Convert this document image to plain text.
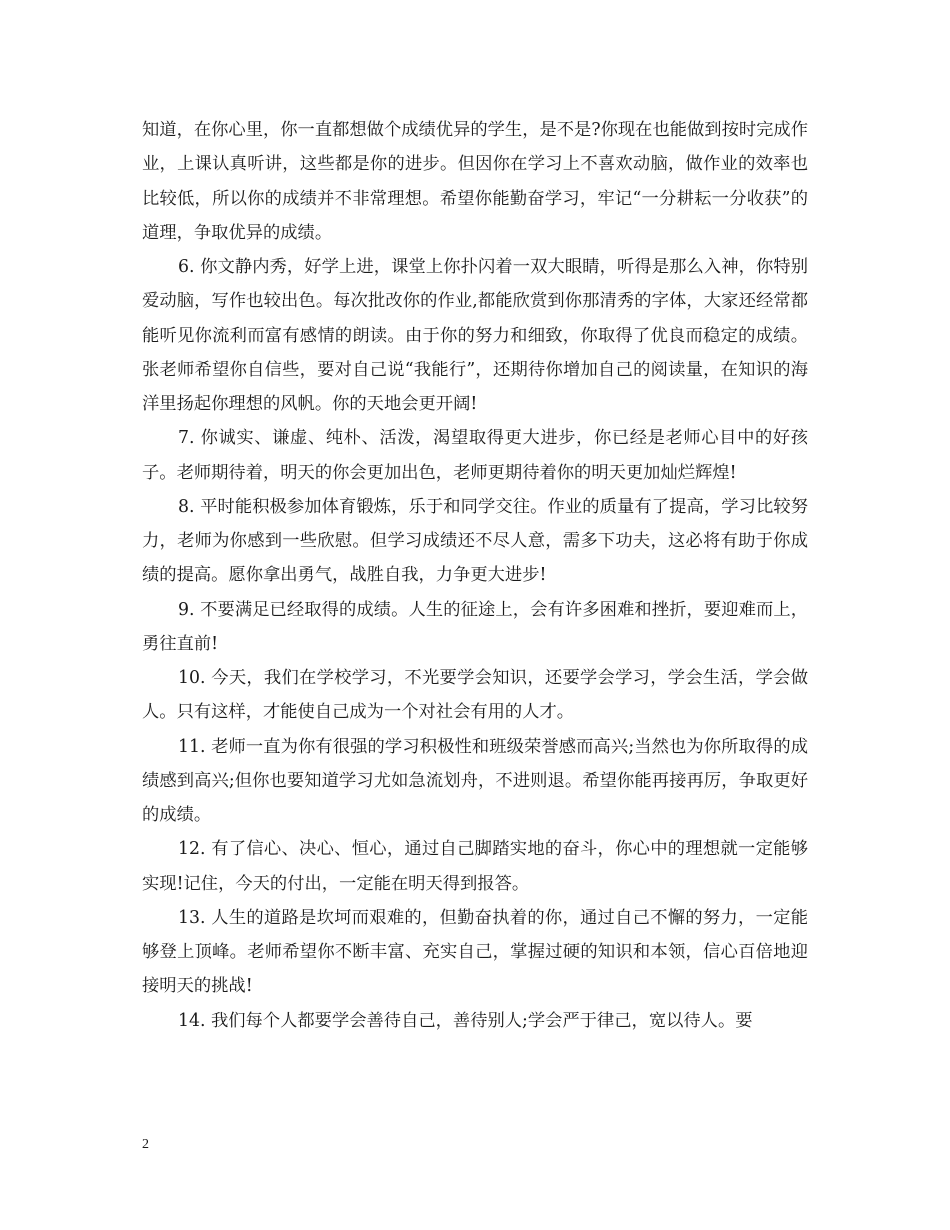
知道，在你心里，你一直都想做个成绩优异的学生，是不是?你现在也能做到按时完成作业，上课认真听讲，这些都是你的进步。但因你在学习上不喜欢动脑，做作业的效率也比较低，所以你的成绩并不非常理想。希望你能勤奋学习，牢记“一分耕耘一分收获”的道理，争取优异的成绩。

6. 你文静内秀，好学上进，课堂上你扑闪着一双大眼睛，听得是那么入神，你特别爱动脑，写作也较出色。每次批改你的作业,都能欣赏到你那清秀的字体，大家还经常都能听见你流利而富有感情的朗读。由于你的努力和细致，你取得了优良而稳定的成绩。张老师希望你自信些，要对自己说“我能行”，还期待你增加自己的阅读量，在知识的海洋里扬起你理想的风帆。你的天地会更开阔!

7. 你诚实、谦虚、纯朴、活泼，渴望取得更大进步，你已经是老师心目中的好孩子。老师期待着，明天的你会更加出色，老师更期待着你的明天更加灿烂辉煌!

8. 平时能积极参加体育锻炼，乐于和同学交往。作业的质量有了提高，学习比较努力，老师为你感到一些欣慰。但学习成绩还不尽人意，需多下功夫，这必将有助于你成绩的提高。愿你拿出勇气，战胜自我，力争更大进步!

9. 不要满足已经取得的成绩。人生的征途上，会有许多困难和挫折，要迎难而上，勇往直前!

10. 今天，我们在学校学习，不光要学会知识，还要学会学习，学会生活，学会做人。只有这样，才能使自己成为一个对社会有用的人才。

11. 老师一直为你有很强的学习积极性和班级荣誉感而高兴;当然也为你所取得的成绩感到高兴;但你也要知道学习尤如急流划舟，不进则退。希望你能再接再厉，争取更好的成绩。

12. 有了信心、决心、恒心，通过自己脚踏实地的奋斗，你心中的理想就一定能够实现!记住，今天的付出，一定能在明天得到报答。

13. 人生的道路是坎坷而艰难的，但勤奋执着的你，通过自己不懈的努力，一定能够登上顶峰。老师希望你不断丰富、充实自己，掌握过硬的知识和本领，信心百倍地迎接明天的挑战!

14. 我们每个人都要学会善待自己，善待别人;学会严于律己，宽以待人。要

2
